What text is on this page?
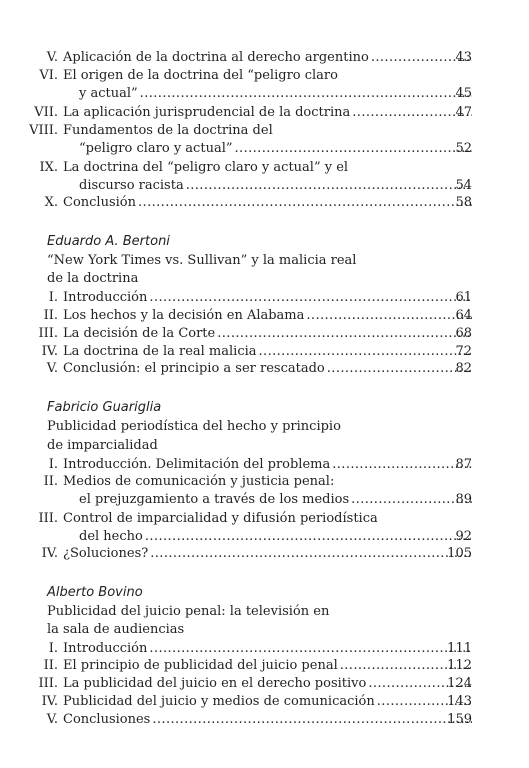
V. Aplicación de la doctrina al derecho argentino .....	43
VI. El origen de la doctrina del “peligro claro
y actual” .....	45
VII. La aplicación jurisprudencial de la doctrina .....	47
VIII. Fundamentos de la doctrina del
“peligro claro y actual” .....	52
IX. La doctrina del “peligro claro y actual” y el
discurso racista .....	54
X. Conclusión .....	58
Eduardo A. Bertoni
“New York Times vs. Sullivan” y la malicia real
de la doctrina
I. Introducción .....	61
II. Los hechos y la decisión en Alabama .....	64
III. La decisión de la Corte .....	68
IV. La doctrina de la real malicia .....	72
V. Conclusión: el principio a ser rescatado .....	82
Fabricio Guariglia
Publicidad periodística del hecho y principio
de imparcialidad
I. Introducción. Delimitación del problema .....	87
II. Medios de comunicación y justicia penal:
el prejuzgamiento a través de los medios .....	89
III. Control de imparcialidad y difusión periodística
del hecho .....	92
IV. ¿Soluciones? .....	105
Alberto Bovino
Publicidad del juicio penal: la televisión en
la sala de audiencias
I. Introducción .....	111
II. El principio de publicidad del juicio penal .....	112
III. La publicidad del juicio en el derecho positivo .....	124
IV. Publicidad del juicio y medios de comunicación .....	143
V. Conclusiones .....	159
